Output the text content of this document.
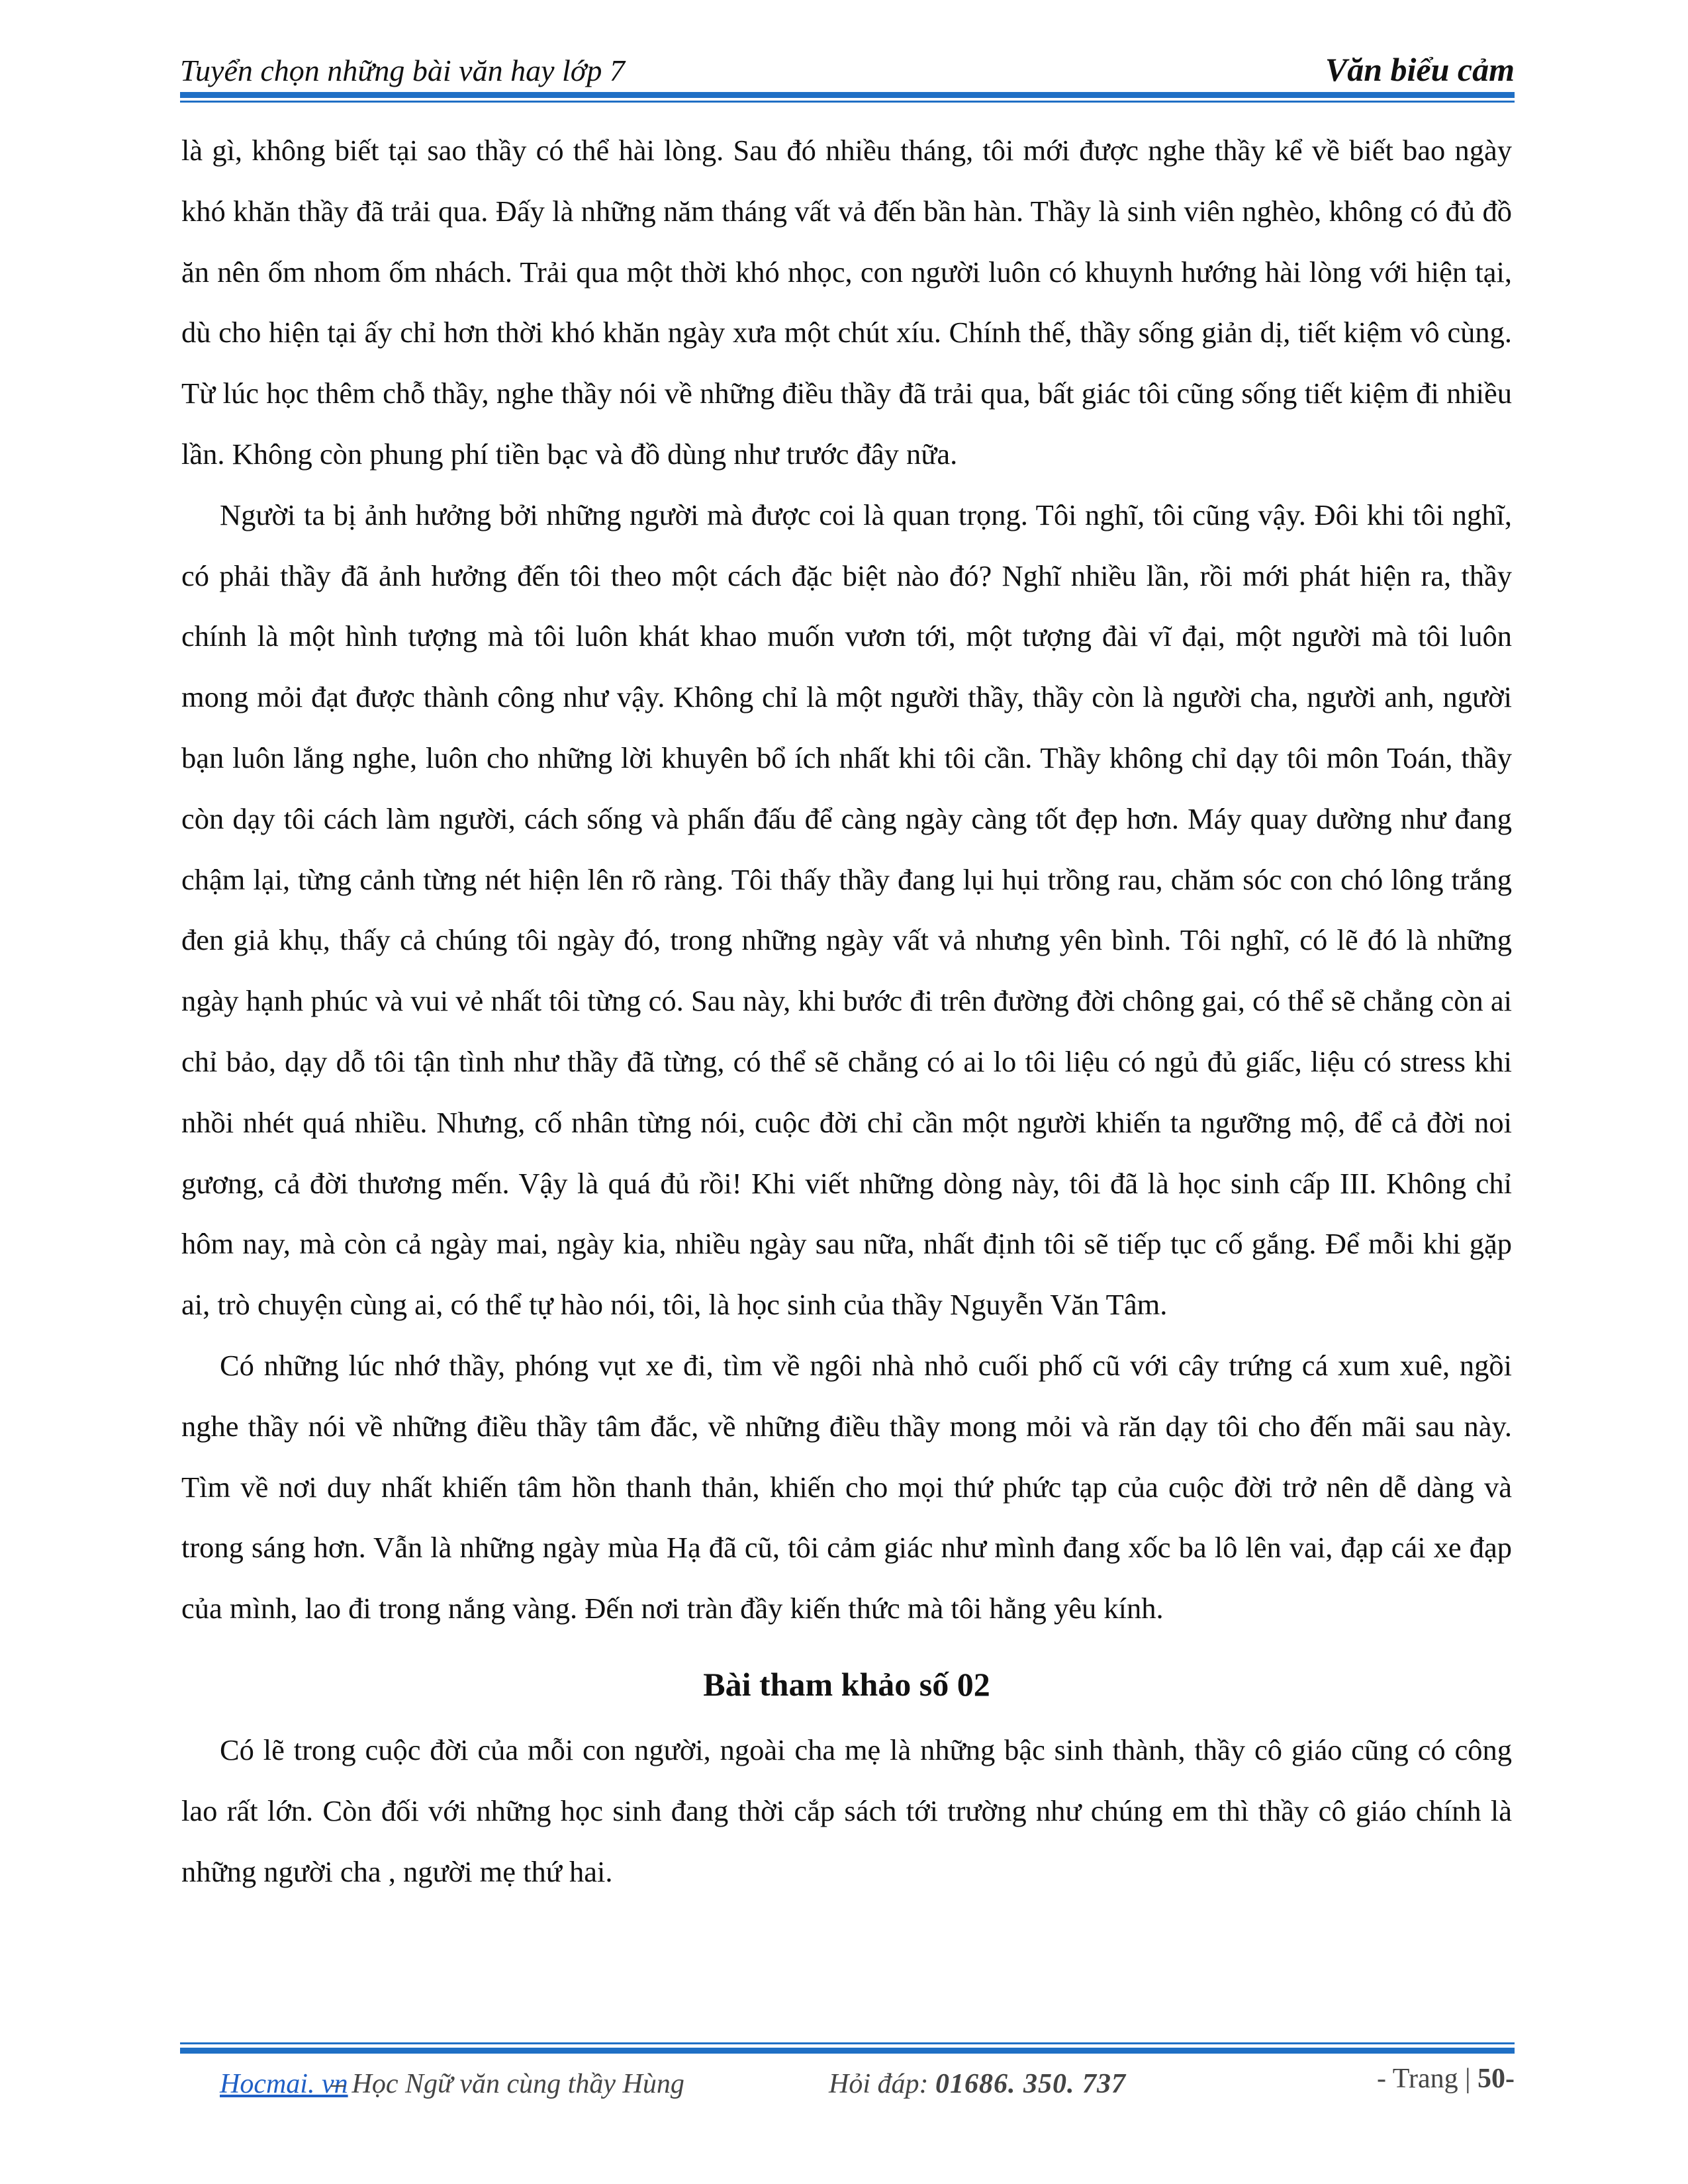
Tuyển chọn những bài văn hay lớp 7	Văn biểu cảm

là gì, không biết tại sao thầy có thể hài lòng. Sau đó nhiều tháng, tôi mới được nghe thầy kể về biết bao ngày khó khăn thầy đã trải qua. Đấy là những năm tháng vất vả đến bần hàn. Thầy là sinh viên nghèo, không có đủ đồ ăn nên ốm nhom ốm nhách. Trải qua một thời khó nhọc, con người luôn có khuynh hướng hài lòng với hiện tại, dù cho hiện tại ấy chỉ hơn thời khó khăn ngày xưa một chút xíu. Chính thế, thầy sống giản dị, tiết kiệm vô cùng. Từ lúc học thêm chỗ thầy, nghe thầy nói về những điều thầy đã trải qua, bất giác tôi cũng sống tiết kiệm đi nhiều lần. Không còn phung phí tiền bạc và đồ dùng như trước đây nữa.

Người ta bị ảnh hưởng bởi những người mà được coi là quan trọng. Tôi nghĩ, tôi cũng vậy. Đôi khi tôi nghĩ, có phải thầy đã ảnh hưởng đến tôi theo một cách đặc biệt nào đó? Nghĩ nhiều lần, rồi mới phát hiện ra, thầy chính là một hình tượng mà tôi luôn khát khao muốn vươn tới, một tượng đài vĩ đại, một người mà tôi luôn mong mỏi đạt được thành công như vậy. Không chỉ là một người thầy, thầy còn là người cha, người anh, người bạn luôn lắng nghe, luôn cho những lời khuyên bổ ích nhất khi tôi cần. Thầy không chỉ dạy tôi môn Toán, thầy còn dạy tôi cách làm người, cách sống và phấn đấu để càng ngày càng tốt đẹp hơn. Máy quay dường như đang chậm lại, từng cảnh từng nét hiện lên rõ ràng. Tôi thấy thầy đang lụi hụi trồng rau, chăm sóc con chó lông trắng đen giả khụ, thấy cả chúng tôi ngày đó, trong những ngày vất vả nhưng yên bình. Tôi nghĩ, có lẽ đó là những ngày hạnh phúc và vui vẻ nhất tôi từng có. Sau này, khi bước đi trên đường đời chông gai, có thể sẽ chẳng còn ai chỉ bảo, dạy dỗ tôi tận tình như thầy đã từng, có thể sẽ chẳng có ai lo tôi liệu có ngủ đủ giấc, liệu có stress khi nhồi nhét quá nhiều. Nhưng, cố nhân từng nói, cuộc đời chỉ cần một người khiến ta ngưỡng mộ, để cả đời noi gương, cả đời thương mến. Vậy là quá đủ rồi! Khi viết những dòng này, tôi đã là học sinh cấp III. Không chỉ hôm nay, mà còn cả ngày mai, ngày kia, nhiều ngày sau nữa, nhất định tôi sẽ tiếp tục cố gắng. Để mỗi khi gặp ai, trò chuyện cùng ai, có thể tự hào nói, tôi, là học sinh của thầy Nguyễn Văn Tâm.

Có những lúc nhớ thầy, phóng vụt xe đi, tìm về ngôi nhà nhỏ cuối phố cũ với cây trứng cá xum xuê, ngồi nghe thầy nói về những điều thầy tâm đắc, về những điều thầy mong mỏi và răn dạy tôi cho đến mãi sau này. Tìm về nơi duy nhất khiến tâm hồn thanh thản, khiến cho mọi thứ phức tạp của cuộc đời trở nên dễ dàng và trong sáng hơn. Vẫn là những ngày mùa Hạ đã cũ, tôi cảm giác như mình đang xốc ba lô lên vai, đạp cái xe đạp của mình, lao đi trong nắng vàng. Đến nơi tràn đầy kiến thức mà tôi hằng yêu kính.

Bài tham khảo số 02

Có lẽ trong cuộc đời của mỗi con người, ngoài cha mẹ là những bậc sinh thành, thầy cô giáo cũng có công lao rất lớn. Còn đối với những học sinh đang thời cắp sách tới trường như chúng em thì thầy cô giáo chính là những người cha , người mẹ thứ hai.

Hocmai. vn
– Học Ngữ văn cùng thầy Hùng	Hỏi đáp: 01686. 350. 737	- Trang | 50-
